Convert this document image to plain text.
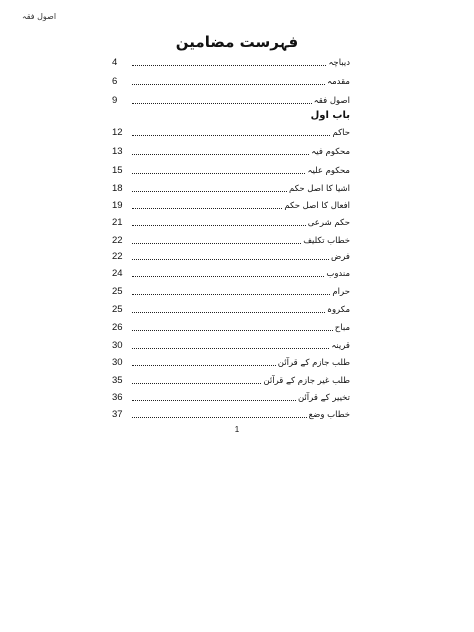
اصول فقہ
فہرست مضامین
4	دیباچہ
6	مقدمہ
9	اصول فقہ
باب اول
12	حاکم
13	محکوم فیہ
15	محکوم علیہ
18	اشیا کا اصل حکم
19	افعال کا اصل حکم
21	حکم شرعی
22	خطاب تکلیف
22	فرض
24	مندوب
25	حرام
25	مکروہ
26	مباح
30	قرینہ
30	طلب جازم کے قرآئن
35	طلب غیر جازم کے قرآئن
36	تخییر کے قرآئن
37	خطاب وضع
1
